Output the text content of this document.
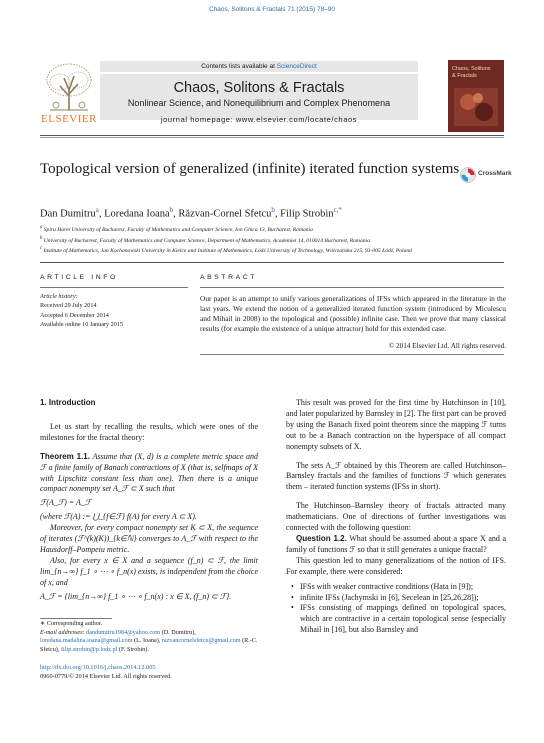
Chaos, Solitons & Fractals 71 (2015) 78–90
ELSEVIER
Contents lists available at ScienceDirect
Chaos, Solitons & Fractals
Nonlinear Science, and Nonequilibrium and Complex Phenomena
journal homepage: www.elsevier.com/locate/chaos
Chaos, Solitons & Fractals
Topological version of generalized (infinite) iterated function systems	CrossMark
Dan Dumitru$^a$, Loredana Ioana$^b$, Răzvan-Cornel Sfetcu$^b$, Filip Strobin$^{c,*}$
$^a$ Spiru Haret University of Bucharest, Faculty of Mathematics and Computer Science, Ion Ghica 13, Bucharest, Romania
$^b$ University of Bucharest, Faculty of Mathematics and Computer Science, Department of Mathematics, Academiei 14, 010014 Bucharest, Romania
$^c$ Institute of Mathematics, Jan Kochanowski University in Kielce and Institute of Mathematics, Łódź University of Technology, Wólczańska 215, 93-005 Łódź, Poland
ARTICLE INFO	ABSTRACT
Article history:
Received 29 July 2014
Accepted 6 December 2014
Available online 10 January 2015
Our paper is an attempt to unify various generalizations of IFSs which appeared in the literature in the last years. We extend the notion of a generalized iterated function system (introduced by Miculescu and Mihail in 2008) to the topological and (possible) infinite case. Then we prove that many classical results (for example the existence of a unique attractor) hold for this extended case.
© 2014 Elsevier Ltd. All rights reserved.
1. Introduction

Let us start by recalling the results, which were ones of the milestones for the fractal theory:

Theorem 1.1. Assume that (X, d) is a complete metric space and ℱ a finite family of Banach contractions of X (that is, selfmaps of X with Lipschitz constant less than one). Then there is a unique compact nonempty set A_ℱ ⊂ X such that

ℱ(A_ℱ) = A_ℱ

(where ℱ(A) := ⋃_{f∈ℱ} f(A) for every A ⊂ X).

Moreover, for every compact nonempty set K ⊂ X, the sequence of iterates (ℱ^(k)(K))_{k∈ℕ} converges to A_ℱ with respect to the Hausdorff–Pompeiu metric.

Also, for every x ∈ X and a sequence (f_n) ⊂ ℱ, the limit lim_{n→∞} f_1 ∘ ⋯ ∘ f_n(x) exists, is independent from the choice of x, and

A_ℱ = {lim_{n→∞} f_1 ∘ ⋯ ∘ f_n(x) : x ∈ X, (f_n) ⊂ ℱ}.

∗ Corresponding author.
E-mail addresses: dandumitru1984@yahoo.com (D. Dumitru), loredana.madalina.ioana@gmail.com (L. Ioana), razvancornelsfetcu@gmail.com (R.-C. Sfetcu), filip.strobin@p.lodz.pl (F. Strobin).
http://dx.doi.org/10.1016/j.chaos.2014.12.005
0960-0779/© 2014 Elsevier Ltd. All rights reserved.

This result was proved for the first time by Hutchinson in [10], and later popularized by Barnsley in [2]. The first part can be proved by using the Banach fixed point theorem since the mapping ℱ turns out to be a Banach contraction on the hyperspace of all compact nonempty subsets of X.

The sets A_ℱ obtained by this Theorem are called Hutchinson–Barnsley fractals and the families of functions ℱ which generates them – iterated function systems (IFSs in short).

The Hutchinson–Barnsley theory of fractals attracted many mathematicians. One of directions of further investigations was connected with the following question:

Question 1.2. What should be assumed about a space X and a family of functions ℱ so that it still generates a unique fractal?

This question led to many generalizations of the notion of IFS. For example, there were considered:

• IFSs with weaker contractive conditions (Hata in [9]);
• infinite IFSs (Jachymski in [6], Secelean in [25,26,28]);
• IFSs consisting of mappings defined on topological spaces, which are contractive in a certain topological sense (especially Mihail in [16], but also Barnsley and
